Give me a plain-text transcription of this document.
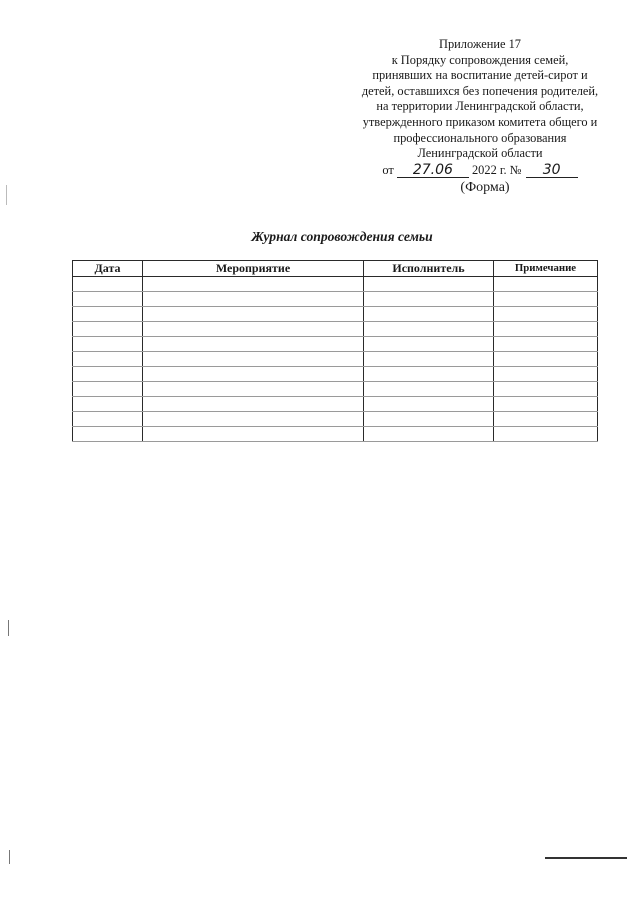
Приложение 17
к Порядку сопровождения семей,
принявших на воспитание детей-сирот и
детей, оставшихся без попечения родителей,
на территории Ленинградской области,
утвержденного приказом комитета общего и
профессионального образования
Ленинградской области
от 27.06 2022 г. № 30
(Форма)
Журнал сопровождения семьи
Дата	Мероприятие	Исполнитель	Примечание
